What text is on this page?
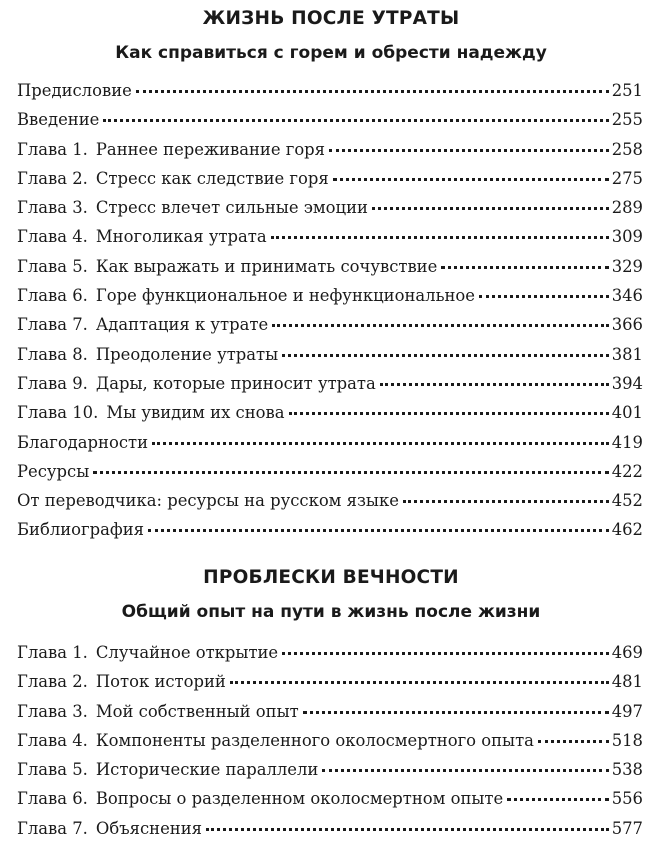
ЖИЗНЬ ПОСЛЕ УТРАТЫ
Как справиться с горем и обрести надежду
Предисловие	251
Введение	255
Глава 1. Раннее переживание горя	258
Глава 2. Стресс как следствие горя	275
Глава 3. Стресс влечет сильные эмоции	289
Глава 4. Многоликая утрата	309
Глава 5. Как выражать и принимать сочувствие	329
Глава 6. Горе функциональное и нефункциональное	346
Глава 7. Адаптация к утрате	366
Глава 8. Преодоление утраты	381
Глава 9. Дары, которые приносит утрата	394
Глава 10. Мы увидим их снова	401
Благодарности	419
Ресурсы	422
От переводчика: ресурсы на русском языке	452
Библиография	462
ПРОБЛЕСКИ ВЕЧНОСТИ
Общий опыт на пути в жизнь после жизни
Глава 1. Случайное открытие	469
Глава 2. Поток историй	481
Глава 3. Мой собственный опыт	497
Глава 4. Компоненты разделенного околосмертного опыта	518
Глава 5. Исторические параллели	538
Глава 6. Вопросы о разделенном околосмертном опыте	556
Глава 7. Объяснения	577
